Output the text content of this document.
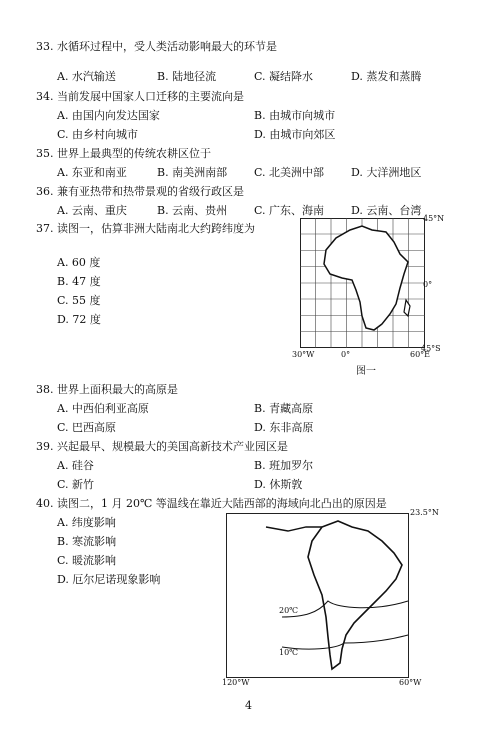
33. 水循环过程中，受人类活动影响最大的环节是
A. 水汽输送	B. 陆地径流	C. 凝结降水	D. 蒸发和蒸腾
34. 当前发展中国家人口迁移的主要流向是
A. 由国内向发达国家	B. 由城市向城市
C. 由乡村向城市	D. 由城市向郊区
35. 世界上最典型的传统农耕区位于
A. 东亚和南亚	B. 南美洲南部 C. 北美洲中部 D. 大洋洲地区
36. 兼有亚热带和热带景观的省级行政区是
A. 云南、重庆	B. 云南、贵州 C. 广东、海南 D. 云南、台湾
37. 读图一，估算非洲大陆南北大约跨纬度为
A. 60 度
B. 47 度
C. 55 度
D. 72 度
45°N
0°
45°S
30°W	0°	60°E
图一
38. 世界上面积最大的高原是
A. 中西伯利亚高原	B. 青藏高原
C. 巴西高原	D. 东非高原
39. 兴起最早、规模最大的美国高新技术产业园区是
A. 硅谷	B. 班加罗尔
C. 新竹	D. 休斯敦
40. 读图二，1 月 20℃ 等温线在靠近大陆西部的海域向北凸出的原因是
A. 纬度影响
B. 寒流影响
C. 暖流影响
D. 厄尔尼诺现象影响
23.5°N
20℃
10℃
120°W	60°W
4
